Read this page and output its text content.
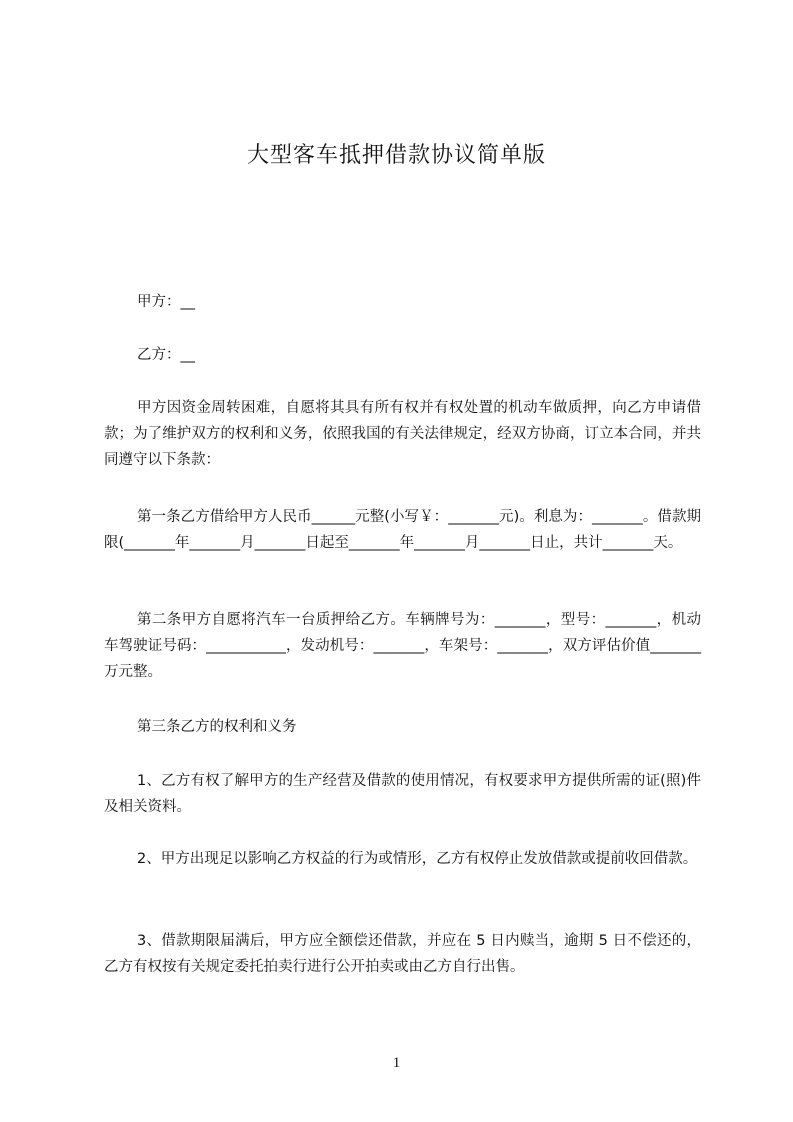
大型客车抵押借款协议简单版

甲方：__

乙方：__

甲方因资金周转困难，自愿将其具有所有权并有权处置的机动车做质押，向乙方申请借款；为了维护双方的权利和义务，依照我国的有关法律规定，经双方协商，订立本合同，并共同遵守以下条款：

第一条乙方借给甲方人民币______元整(小写￥：_______元)。利息为：_______。借款期限(_______年_______月_______日起至_______年_______月_______日止，共计_______天。

第二条甲方自愿将汽车一台质押给乙方。车辆牌号为：_______，型号：_______，机动车驾驶证号码：___________，发动机号：_______，车架号：_______，双方评估价值_______万元整。

第三条乙方的权利和义务

1、乙方有权了解甲方的生产经营及借款的使用情况，有权要求甲方提供所需的证(照)件及相关资料。

2、甲方出现足以影响乙方权益的行为或情形，乙方有权停止发放借款或提前收回借款。

3、借款期限届满后，甲方应全额偿还借款，并应在 5 日内赎当，逾期 5 日不偿还的，乙方有权按有关规定委托拍卖行进行公开拍卖或由乙方自行出售。

1
